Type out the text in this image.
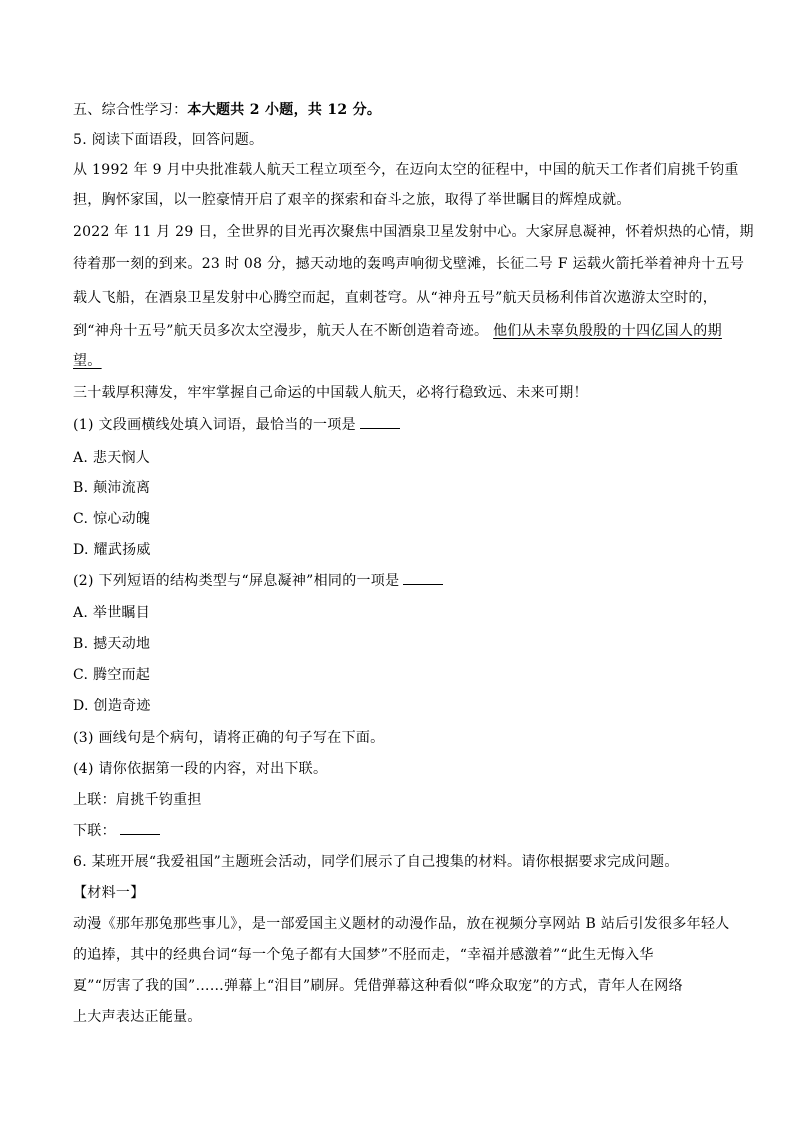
五、综合性学习：本大题共 2 小题，共 12 分。
5. 阅读下面语段，回答问题。
从 1992 年 9 月中央批准载人航天工程立项至今，在迈向太空的征程中，中国的航天工作者们肩挑千钧重
担，胸怀家国，以一腔豪情开启了艰辛的探索和奋斗之旅，取得了举世瞩目的辉煌成就。
2022 年 11 月 29 日，全世界的目光再次聚焦中国酒泉卫星发射中心。大家屏息凝神，怀着炽热的心情，期
待着那一刻的到来。23 时 08 分，撼天动地的轰鸣声响彻戈壁滩，长征二号 F 运载火箭托举着神舟十五号
载人飞船，在酒泉卫星发射中心腾空而起，直刺苍穹。从“神舟五号”航天员杨利伟首次遨游太空时的，
到“神舟十五号”航天员多次太空漫步，航天人在不断创造着奇迹。 他们从未辜负殷殷的十四亿国人的期
望。
三十载厚积薄发，牢牢掌握自己命运的中国载人航天，必将行稳致远、未来可期！
(1) 文段画横线处填入词语，最恰当的一项是
A. 悲天悯人
B. 颠沛流离
C. 惊心动魄
D. 耀武扬威
(2) 下列短语的结构类型与“屏息凝神”相同的一项是
A. 举世瞩目
B. 撼天动地
C. 腾空而起
D. 创造奇迹
(3) 画线句是个病句，请将正确的句子写在下面。
(4) 请你依据第一段的内容，对出下联。
上联：肩挑千钧重担
下联：
6. 某班开展“我爱祖国”主题班会活动，同学们展示了自己搜集的材料。请你根据要求完成问题。
【材料一】
动漫《那年那兔那些事儿》，是一部爱国主义题材的动漫作品，放在视频分享网站 B 站后引发很多年轻人
的追捧，其中的经典台词“每一个兔子都有大国梦”不胫而走，“幸福并感激着”“此生无悔入华
夏”“厉害了我的国”……弹幕上“泪目”刷屏。凭借弹幕这种看似“哗众取宠”的方式，青年人在网络
上大声表达正能量。
